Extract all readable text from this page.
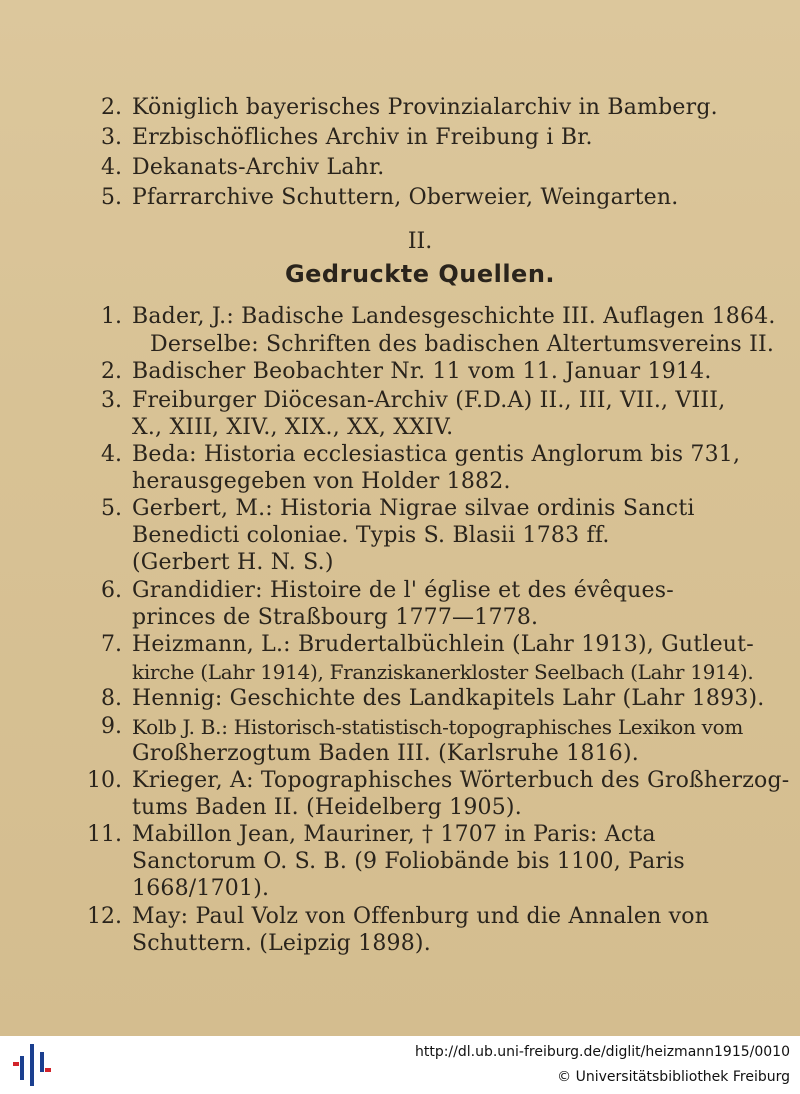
2. Königlich bayerisches Provinzialarchiv in Bamberg.
3. Erzbischöfliches Archiv in Freibung i Br.
4. Dekanats-Archiv Lahr.
5. Pfarrarchive Schuttern, Oberweier, Weingarten.
II.
Gedruckte Quellen.
1. Bader, J.: Badische Landesgeschichte III. Auflagen 1864.
Derselbe: Schriften des badischen Altertumsvereins II.
2. Badischer Beobachter Nr. 11 vom 11. Januar 1914.
3. Freiburger Diöcesan-Archiv (F.D.A) II., III, VII., VIII,
X., XIII, XIV., XIX., XX, XXIV.
4. Beda: Historia ecclesiastica gentis Anglorum bis 731,
herausgegeben von Holder 1882.
5. Gerbert, M.: Historia Nigrae silvae ordinis Sancti
Benedicti coloniae. Typis S. Blasii 1783 ff.
(Gerbert H. N. S.)
6. Grandidier: Histoire de l' église et des évêques-
princes de Straßbourg 1777—1778.
7. Heizmann, L.: Brudertalbüchlein (Lahr 1913), Gutleut-
kirche (Lahr 1914), Franziskanerkloster Seelbach (Lahr 1914).
8. Hennig: Geschichte des Landkapitels Lahr (Lahr 1893).
9. Kolb J. B.: Historisch-statistisch-topographisches Lexikon vom
Großherzogtum Baden III. (Karlsruhe 1816).
10. Krieger, A: Topographisches Wörterbuch des Großherzog-
tums Baden II. (Heidelberg 1905).
11. Mabillon Jean, Mauriner, † 1707 in Paris: Acta
Sanctorum O. S. B. (9 Foliobände bis 1100, Paris
1668/1701).
12. May: Paul Volz von Offenburg und die Annalen von
Schuttern. (Leipzig 1898).
http://dl.ub.uni-freiburg.de/diglit/heizmann1915/0010
© Universitätsbibliothek Freiburg
